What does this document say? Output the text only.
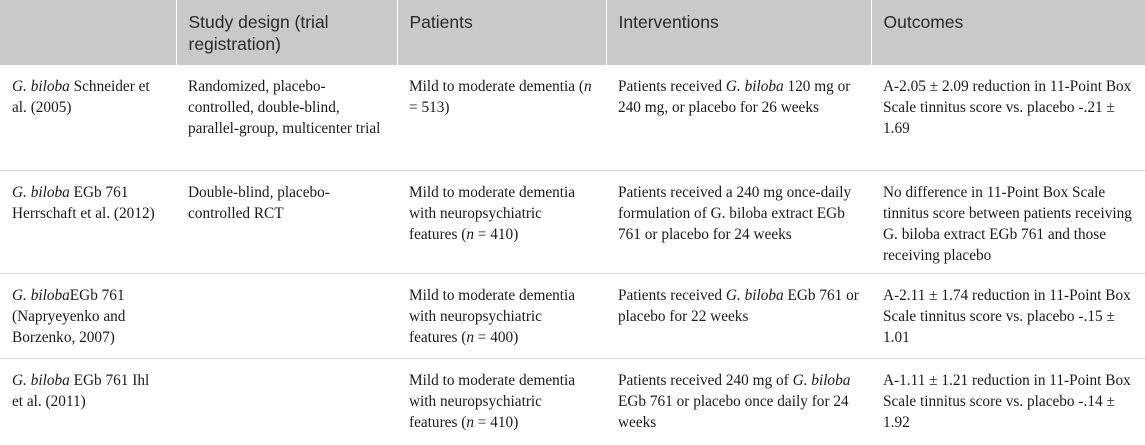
	Study design (trial registration)	Patients	Interventions	Outcomes
G. biloba Schneider et al. (2005)	Randomized, placebo-controlled, double-blind, parallel-group, multicenter trial	Mild to moderate dementia (n = 513)	Patients received G. biloba 120 mg or 240 mg, or placebo for 26 weeks	A-2.05 ± 2.09 reduction in 11-Point Box Scale tinnitus score vs. placebo -.21 ± 1.69
G. biloba EGb 761 Herrschaft et al. (2012)	Double-blind, placebo-controlled RCT	Mild to moderate dementia with neuropsychiatric features (n = 410)	Patients received a 240 mg once-daily formulation of G. biloba extract EGb 761 or placebo for 24 weeks	No difference in 11-Point Box Scale tinnitus score between patients receiving G. biloba extract EGb 761 and those receiving placebo
G. bilobaEGb 761 (Napryeyenko and Borzenko, 2007)		Mild to moderate dementia with neuropsychiatric features (n = 400)	Patients received G. biloba EGb 761 or placebo for 22 weeks	A-2.11 ± 1.74 reduction in 11-Point Box Scale tinnitus score vs. placebo -.15 ± 1.01
G. biloba EGb 761 Ihl et al. (2011)		Mild to moderate dementia with neuropsychiatric features (n = 410)	Patients received 240 mg of G. biloba EGb 761 or placebo once daily for 24 weeks	A-1.11 ± 1.21 reduction in 11-Point Box Scale tinnitus score vs. placebo -.14 ± 1.92
